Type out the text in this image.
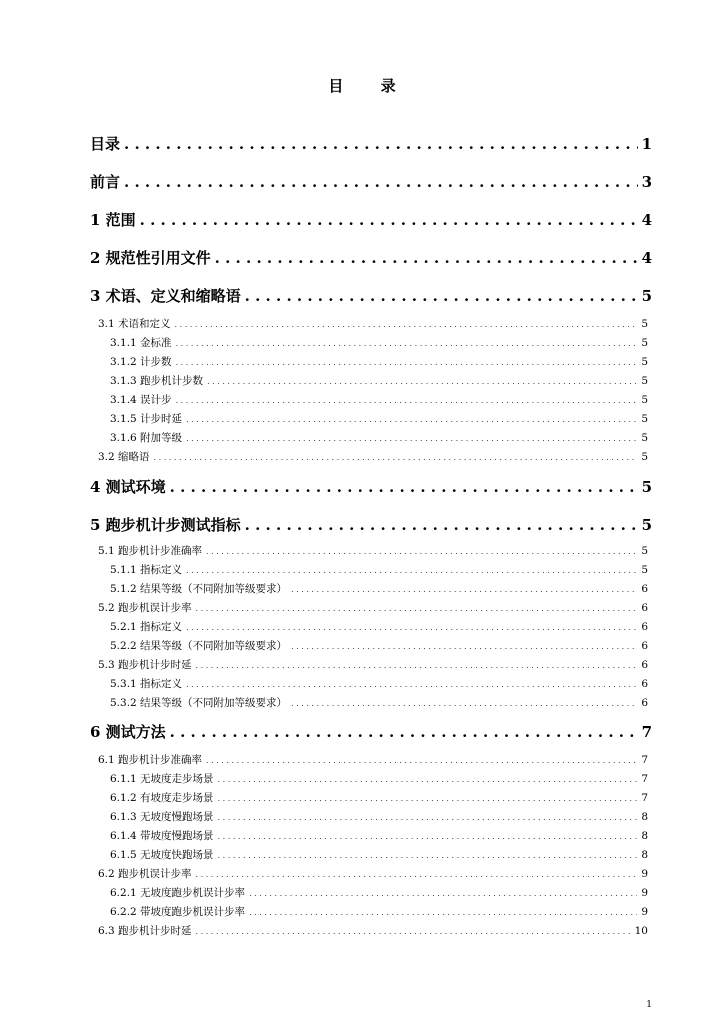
目 录
目录 . . .	1
前言 . . .	3
1 范围 . . .	4
2 规范性引用文件 . . .	4
3 术语、定义和缩略语 . . .	5
3.1 术语和定义 . . .	5
3.1.1 金标准 . . .	5
3.1.2 计步数 . . .	5
3.1.3 跑步机计步数 . . .	5
3.1.4 误计步 . . .	5
3.1.5 计步时延 . . .	5
3.1.6 附加等级 . . .	5
3.2 缩略语 . . .	5
4 测试环境 . . .	5
5 跑步机计步测试指标 . . .	5
5.1 跑步机计步准确率 . . .	5
5.1.1 指标定义 . . .	5
5.1.2 结果等级（不同附加等级要求） . . .	6
5.2 跑步机误计步率 . . .	6
5.2.1 指标定义 . . .	6
5.2.2 结果等级（不同附加等级要求） . . .	6
5.3 跑步机计步时延 . . .	6
5.3.1 指标定义 . . .	6
5.3.2 结果等级（不同附加等级要求） . . .	6
6 测试方法 . . .	7
6.1 跑步机计步准确率 . . .	7
6.1.1 无坡度走步场景 . . .	7
6.1.2 有坡度走步场景 . . .	7
6.1.3 无坡度慢跑场景 . . .	8
6.1.4 带坡度慢跑场景 . . .	8
6.1.5 无坡度快跑场景 . . .	8
6.2 跑步机误计步率 . . .	9
6.2.1 无坡度跑步机误计步率 . . .	9
6.2.2 带坡度跑步机误计步率 . . .	9
6.3 跑步机计步时延 . . .	10
1
